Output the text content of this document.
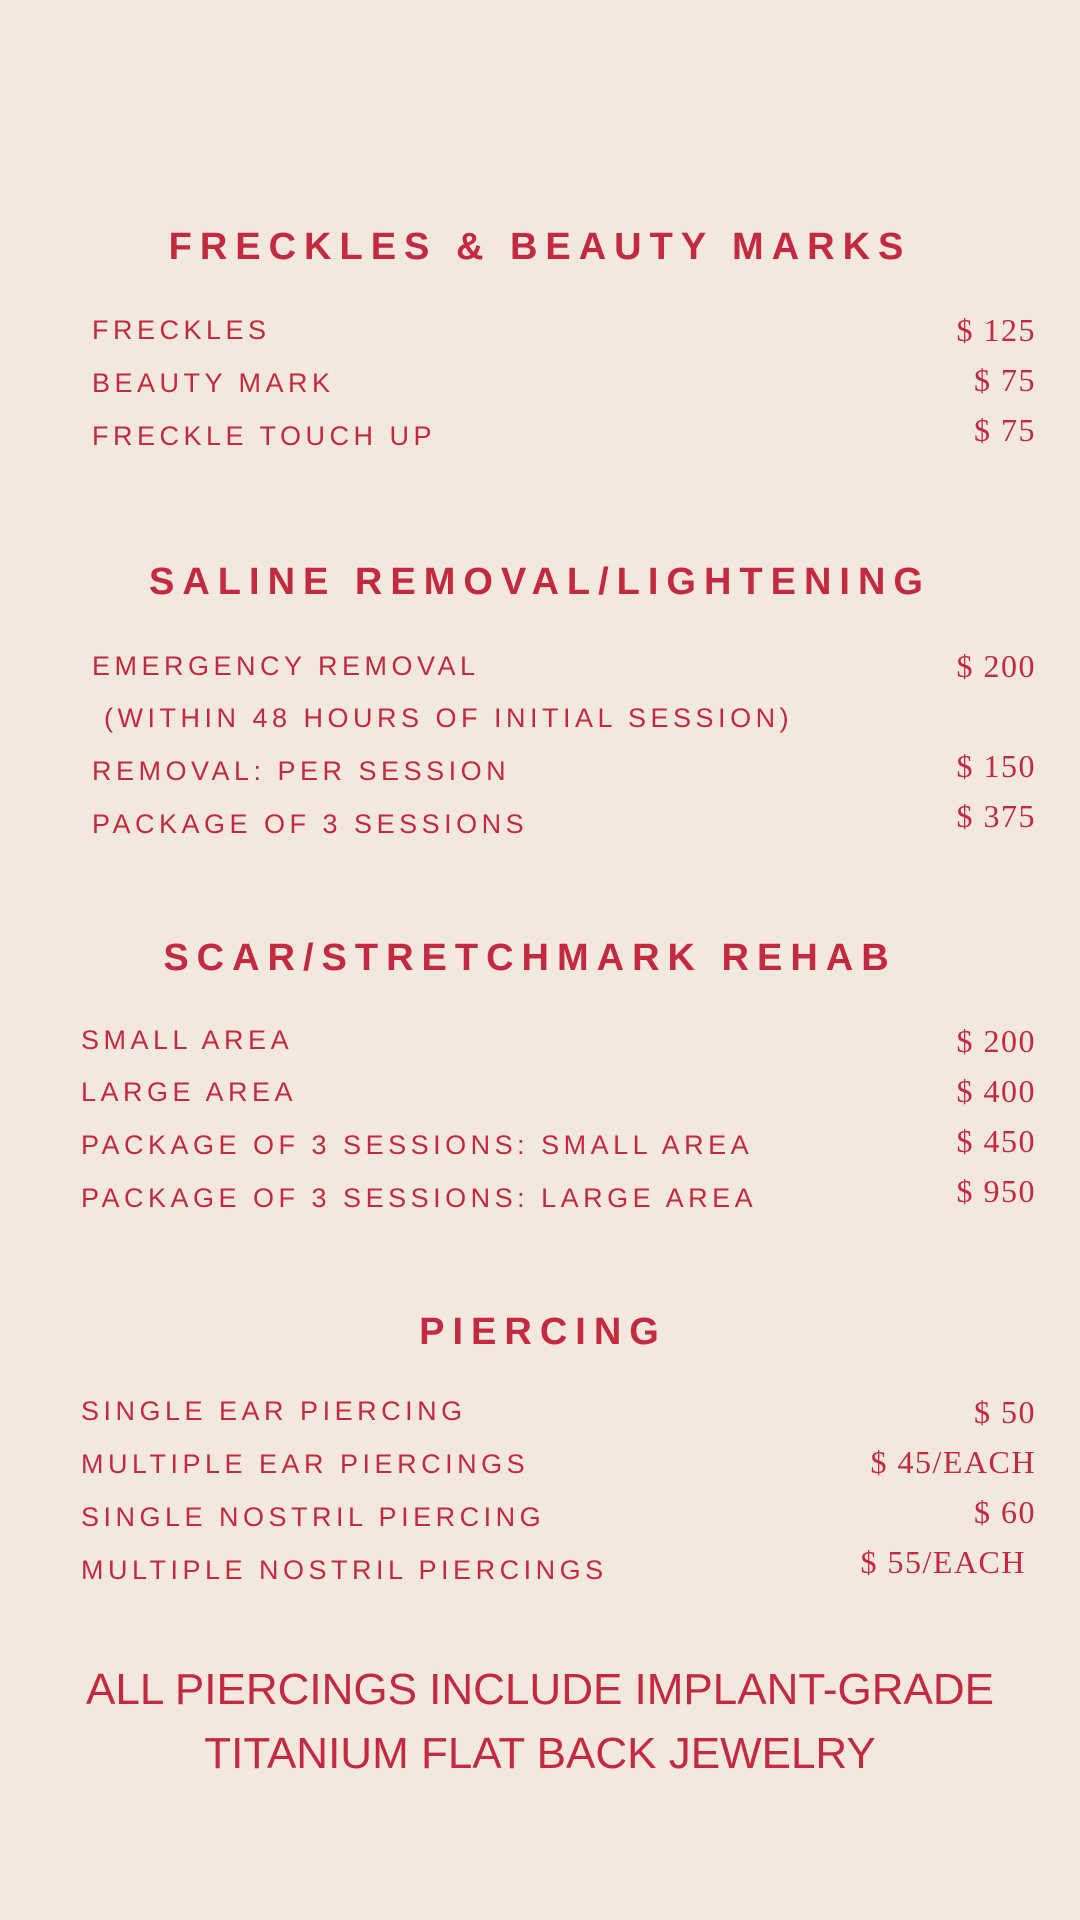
FRECKLES & BEAUTY MARKS
FRECKLES	$ 125
BEAUTY MARK	$ 75
FRECKLE TOUCH UP	$ 75
SALINE REMOVAL/LIGHTENING
EMERGENCY REMOVAL	$ 200
(WITHIN 48 HOURS OF INITIAL SESSION)
REMOVAL: PER SESSION	$ 150
PACKAGE OF 3 SESSIONS	$ 375
SCAR/STRETCHMARK REHAB
SMALL AREA	$ 200
LARGE AREA	$ 400
PACKAGE OF 3 SESSIONS: SMALL AREA	$ 450
PACKAGE OF 3 SESSIONS: LARGE AREA	$ 950
PIERCING
SINGLE EAR PIERCING	$ 50
MULTIPLE EAR PIERCINGS	$ 45/EACH
SINGLE NOSTRIL PIERCING	$ 60
MULTIPLE NOSTRIL PIERCINGS	$ 55/EACH
ALL PIERCINGS INCLUDE IMPLANT-GRADE
TITANIUM FLAT BACK JEWELRY
